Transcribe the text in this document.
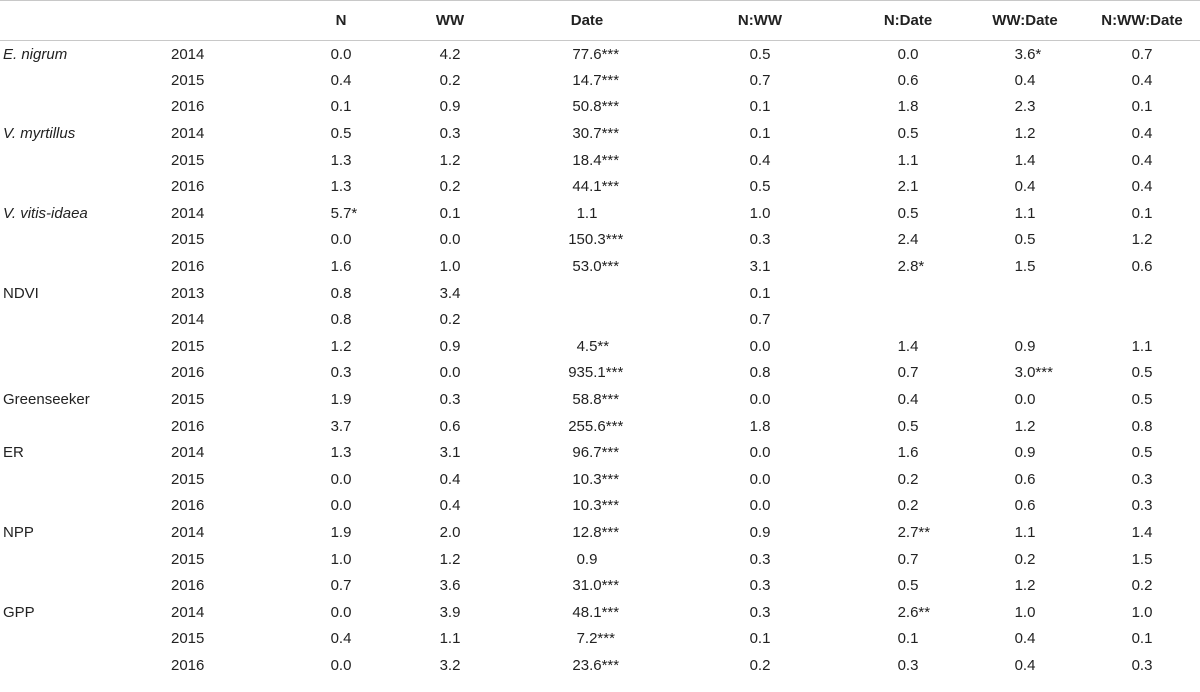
		N	WW	Date	N:WW	N:Date	WW:Date	N:WW:Date
E. nigrum	2014	0.0	4.2	77.6 ***	0.5	0.0	3.6 *	0.7
	2015	0.4	0.2	14.7 ***	0.7	0.6	0.4	0.4
	2016	0.1	0.9	50.8 ***	0.1	1.8	2.3	0.1
V. myrtillus	2014	0.5	0.3	30.7 ***	0.1	0.5	1.2	0.4
	2015	1.3	1.2	18.4 ***	0.4	1.1	1.4	0.4
	2016	1.3	0.2	44.1 ***	0.5	2.1	0.4	0.4
V. vitis-idaea	2014	5.7 *	0.1	1.1	1.0	0.5	1.1	0.1
	2015	0.0	0.0	150.3 ***	0.3	2.4	0.5	1.2
	2016	1.6	1.0	53.0 ***	3.1	2.8 *	1.5	0.6
NDVI	2013	0.8	3.4		0.1			
	2014	0.8	0.2		0.7			
	2015	1.2	0.9	4.5 **	0.0	1.4	0.9	1.1
	2016	0.3	0.0	935.1 ***	0.8	0.7	3.0 ***	0.5
Greenseeker	2015	1.9	0.3	58.8 ***	0.0	0.4	0.0	0.5
	2016	3.7	0.6	255.6 ***	1.8	0.5	1.2	0.8
ER	2014	1.3	3.1	96.7 ***	0.0	1.6	0.9	0.5
	2015	0.0	0.4	10.3 ***	0.0	0.2	0.6	0.3
	2016	0.0	0.4	10.3 ***	0.0	0.2	0.6	0.3
NPP	2014	1.9	2.0	12.8 ***	0.9	2.7 **	1.1	1.4
	2015	1.0	1.2	0.9	0.3	0.7	0.2	1.5
	2016	0.7	3.6	31.0 ***	0.3	0.5	1.2	0.2
GPP	2014	0.0	3.9	48.1 ***	0.3	2.6 **	1.0	1.0
	2015	0.4	1.1	7.2 ***	0.1	0.1	0.4	0.1
	2016	0.0	3.2	23.6 ***	0.2	0.3	0.4	0.3
